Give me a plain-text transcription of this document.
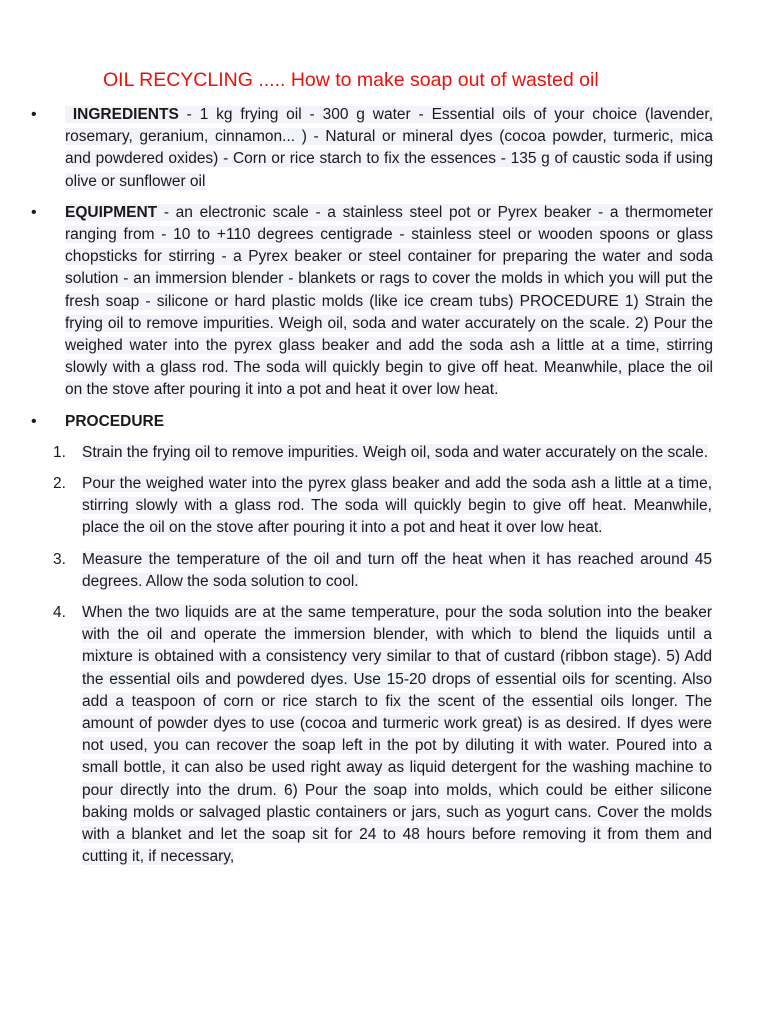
OIL RECYCLING ..... How to make soap out of wasted oil
•	INGREDIENTS - 1 kg frying oil - 300 g water - Essential oils of your choice (lavender, rosemary, geranium, cinnamon... ) - Natural or mineral dyes (cocoa powder, turmeric, mica and powdered oxides) - Corn or rice starch to fix the essences - 135 g of caustic soda if using olive or sunflower oil
• EQUIPMENT - an electronic scale - a stainless steel pot or Pyrex beaker - a thermometer ranging from - 10 to +110 degrees centigrade - stainless steel or wooden spoons or glass chopsticks for stirring - a Pyrex beaker or steel container for preparing the water and soda solution - an immersion blender - blankets or rags to cover the molds in which you will put the fresh soap - silicone or hard plastic molds (like ice cream tubs) PROCEDURE 1) Strain the frying oil to remove impurities. Weigh oil, soda and water accurately on the scale. 2) Pour the weighed water into the pyrex glass beaker and add the soda ash a little at a time, stirring slowly with a glass rod. The soda will quickly begin to give off heat. Meanwhile, place the oil on the stove after pouring it into a pot and heat it over low heat.
• PROCEDURE
1. Strain the frying oil to remove impurities. Weigh oil, soda and water accurately on the scale.
2. Pour the weighed water into the pyrex glass beaker and add the soda ash a little at a time, stirring slowly with a glass rod. The soda will quickly begin to give off heat. Meanwhile, place the oil on the stove after pouring it into a pot and heat it over low heat.
3. Measure the temperature of the oil and turn off the heat when it has reached around 45 degrees. Allow the soda solution to cool.
4. When the two liquids are at the same temperature, pour the soda solution into the beaker with the oil and operate the immersion blender, with which to blend the liquids until a mixture is obtained with a consistency very similar to that of custard (ribbon stage). 5) Add the essential oils and powdered dyes. Use 15-20 drops of essential oils for scenting. Also add a teaspoon of corn or rice starch to fix the scent of the essential oils longer. The amount of powder dyes to use (cocoa and turmeric work great) is as desired. If dyes were not used, you can recover the soap left in the pot by diluting it with water. Poured into a small bottle, it can also be used right away as liquid detergent for the washing machine to pour directly into the drum. 6) Pour the soap into molds, which could be either silicone baking molds or salvaged plastic containers or jars, such as yogurt cans. Cover the molds with a blanket and let the soap sit for 24 to 48 hours before removing it from them and cutting it, if necessary,
